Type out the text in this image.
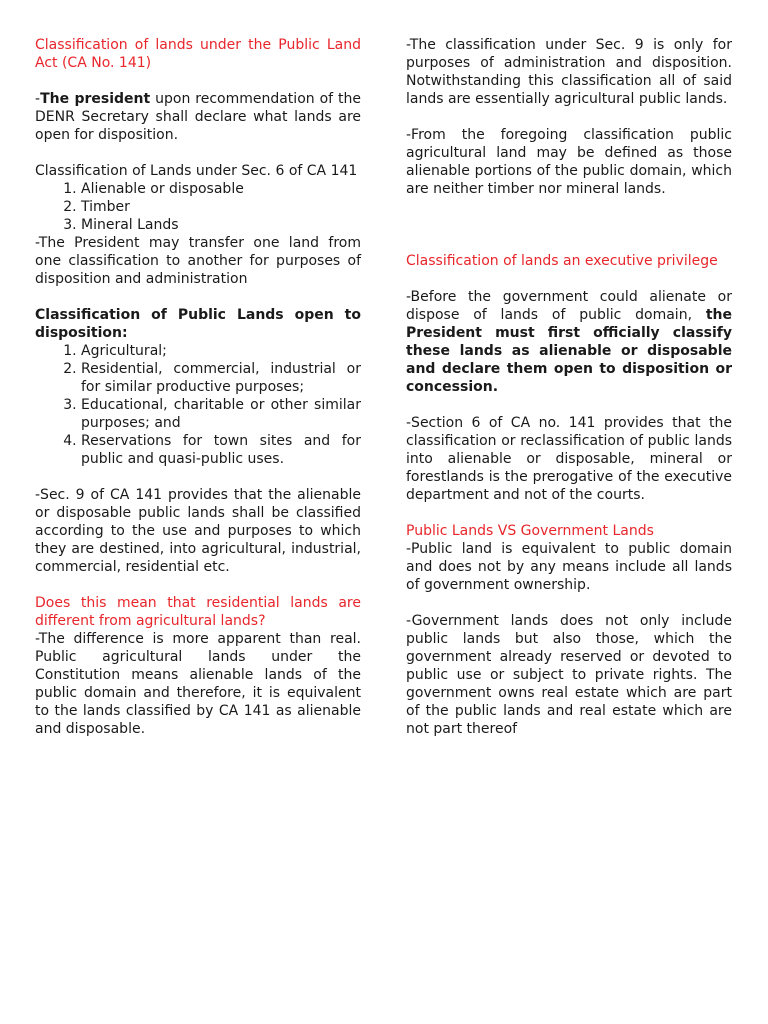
Classification of lands under the Public Land Act (CA No. 141)

-The president upon recommendation of the DENR Secretary shall declare what lands are open for disposition.

Classification of Lands under Sec. 6 of CA 141

1. Alienable or disposable
2. Timber
3. Mineral Lands

-The President may transfer one land from one classification to another for purposes of disposition and administration

Classification of Public Lands open to disposition:

1. Agricultural;
2. Residential, commercial, industrial or for similar productive purposes;
3. Educational, charitable or other similar purposes; and
4. Reservations for town sites and for public and quasi-public uses.

-Sec. 9 of CA 141 provides that the alienable or disposable public lands shall be classified according to the use and purposes to which they are destined, into agricultural, industrial, commercial, residential etc.

Does this mean that residential lands are different from agricultural lands?

-The difference is more apparent than real. Public agricultural lands under the Constitution means alienable lands of the public domain and therefore, it is equivalent to the lands classified by CA 141 as alienable and disposable.

-The classification under Sec. 9 is only for purposes of administration and disposition. Notwithstanding this classification all of said lands are essentially agricultural public lands.

-From the foregoing classification public agricultural land may be defined as those alienable portions of the public domain, which are neither timber nor mineral lands.

Classification of lands an executive privilege

-Before the government could alienate or dispose of lands of public domain, the President must first officially classify these lands as alienable or disposable and declare them open to disposition or concession.

-Section 6 of CA no. 141 provides that the classification or reclassification of public lands into alienable or disposable, mineral or forestlands is the prerogative of the executive department and not of the courts.

Public Lands VS Government Lands

-Public land is equivalent to public domain and does not by any means include all lands of government ownership.

-Government lands does not only include public lands but also those, which the government already reserved or devoted to public use or subject to private rights. The government owns real estate which are part of the public lands and real estate which are not part thereof
